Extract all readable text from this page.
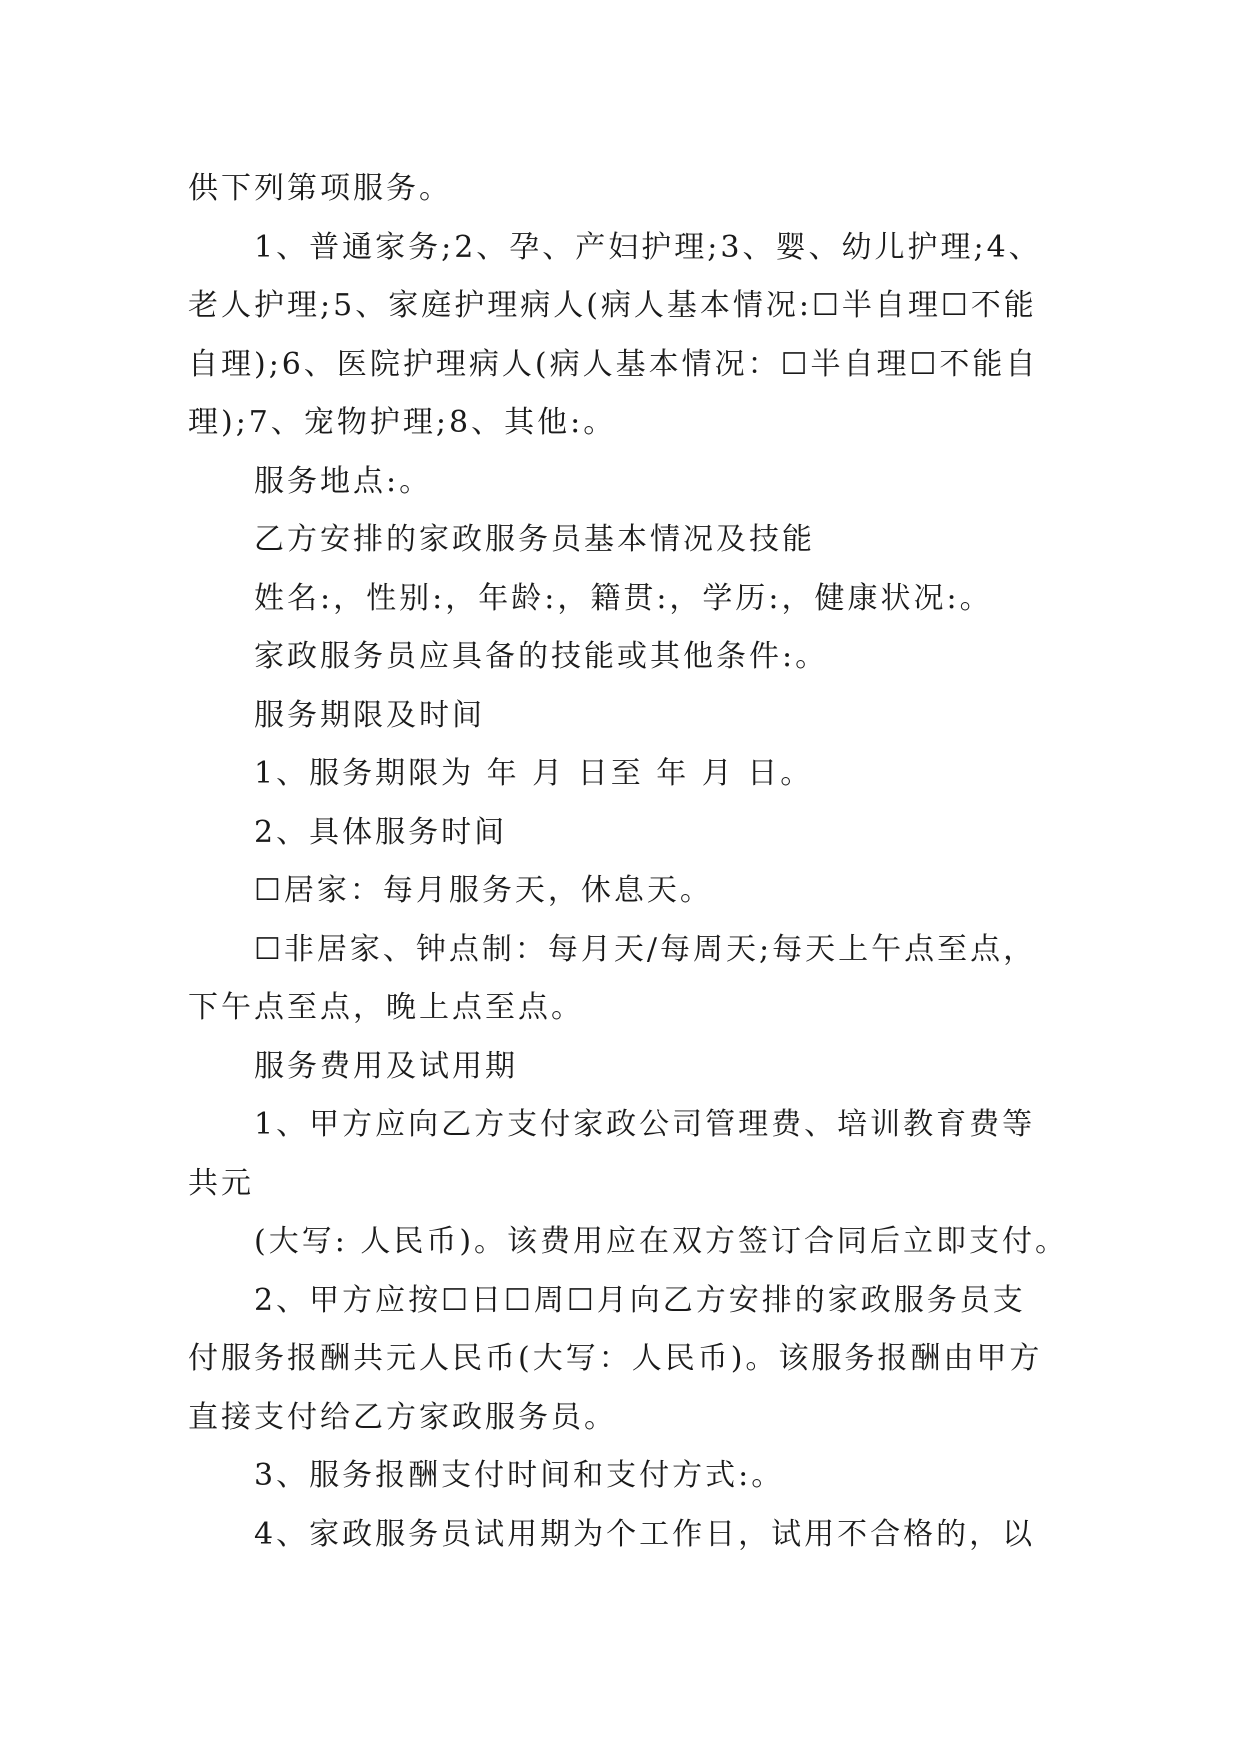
供下列第项服务。
1、普通家务;2、孕、产妇护理;3、婴、幼儿护理;4、
老人护理;5、家庭护理病人(病人基本情况:☐半自理☐不能
自理);6、医院护理病人(病人基本情况：☐半自理☐不能自
理);7、宠物护理;8、其他:。
服务地点:。
乙方安排的家政服务员基本情况及技能
姓名:，性别:，年龄:，籍贯:，学历:，健康状况:。
家政服务员应具备的技能或其他条件:。
服务期限及时间
1、服务期限为 年 月 日至 年 月 日。
2、具体服务时间
☐居家：每月服务天，休息天。
☐非居家、钟点制：每月天/每周天;每天上午点至点，
下午点至点，晚上点至点。
服务费用及试用期
1、甲方应向乙方支付家政公司管理费、培训教育费等
共元
(大写: 人民币)。该费用应在双方签订合同后立即支付。
2、甲方应按☐日☐周☐月向乙方安排的家政服务员支
付服务报酬共元人民币(大写：人民币)。该服务报酬由甲方
直接支付给乙方家政服务员。
3、服务报酬支付时间和支付方式:。
4、家政服务员试用期为个工作日，试用不合格的，以
